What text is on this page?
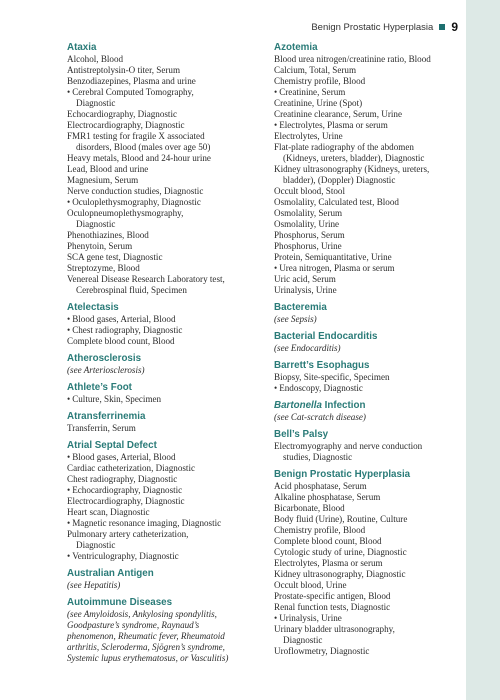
Benign Prostatic Hyperplasia 9
Ataxia
Alcohol, Blood
Antistreptolysin-O titer, Serum
Benzodiazepines, Plasma and urine
• Cerebral Computed Tomography,
Diagnostic
Echocardiography, Diagnostic
Electrocardiography, Diagnostic
FMR1 testing for fragile X associated
disorders, Blood (males over age 50)
Heavy metals, Blood and 24-hour urine
Lead, Blood and urine
Magnesium, Serum
Nerve conduction studies, Diagnostic
• Oculoplethysmography, Diagnostic
Oculopneumoplethysmography,
Diagnostic
Phenothiazines, Blood
Phenytoin, Serum
SCA gene test, Diagnostic
Streptozyme, Blood
Venereal Disease Research Laboratory test,
Cerebrospinal fluid, Specimen
Atelectasis
• Blood gases, Arterial, Blood
• Chest radiography, Diagnostic
Complete blood count, Blood
Atherosclerosis
(see Arteriosclerosis)
Athlete’s Foot
• Culture, Skin, Specimen
Atransferrinemia
Transferrin, Serum
Atrial Septal Defect
• Blood gases, Arterial, Blood
Cardiac catheterization, Diagnostic
Chest radiography, Diagnostic
• Echocardiography, Diagnostic
Electrocardiography, Diagnostic
Heart scan, Diagnostic
• Magnetic resonance imaging, Diagnostic
Pulmonary artery catheterization,
Diagnostic
• Ventriculography, Diagnostic
Australian Antigen
(see Hepatitis)
Autoimmune Diseases
(see Amyloidosis, Ankylosing spondylitis,
Goodpasture’s syndrome, Raynaud’s
phenomenon, Rheumatic fever, Rheumatoid
arthritis, Scleroderma, Sjögren’s syndrome,
Systemic lupus erythematosus, or Vasculitis)
Azotemia
Blood urea nitrogen/creatinine ratio, Blood
Calcium, Total, Serum
Chemistry profile, Blood
• Creatinine, Serum
Creatinine, Urine (Spot)
Creatinine clearance, Serum, Urine
• Electrolytes, Plasma or serum
Electrolytes, Urine
Flat-plate radiography of the abdomen
(Kidneys, ureters, bladder), Diagnostic
Kidney ultrasonography (Kidneys, ureters,
bladder), (Doppler) Diagnostic
Occult blood, Stool
Osmolality, Calculated test, Blood
Osmolality, Serum
Osmolality, Urine
Phosphorus, Serum
Phosphorus, Urine
Protein, Semiquantitative, Urine
• Urea nitrogen, Plasma or serum
Uric acid, Serum
Urinalysis, Urine
Bacteremia
(see Sepsis)
Bacterial Endocarditis
(see Endocarditis)
Barrett’s Esophagus
Biopsy, Site-specific, Specimen
• Endoscopy, Diagnostic
Bartonella Infection
(see Cat-scratch disease)
Bell’s Palsy
Electromyography and nerve conduction
studies, Diagnostic
Benign Prostatic Hyperplasia
Acid phosphatase, Serum
Alkaline phosphatase, Serum
Bicarbonate, Blood
Body fluid (Urine), Routine, Culture
Chemistry profile, Blood
Complete blood count, Blood
Cytologic study of urine, Diagnostic
Electrolytes, Plasma or serum
Kidney ultrasonography, Diagnostic
Occult blood, Urine
Prostate-specific antigen, Blood
Renal function tests, Diagnostic
• Urinalysis, Urine
Urinary bladder ultrasonography,
Diagnostic
Uroflowmetry, Diagnostic
